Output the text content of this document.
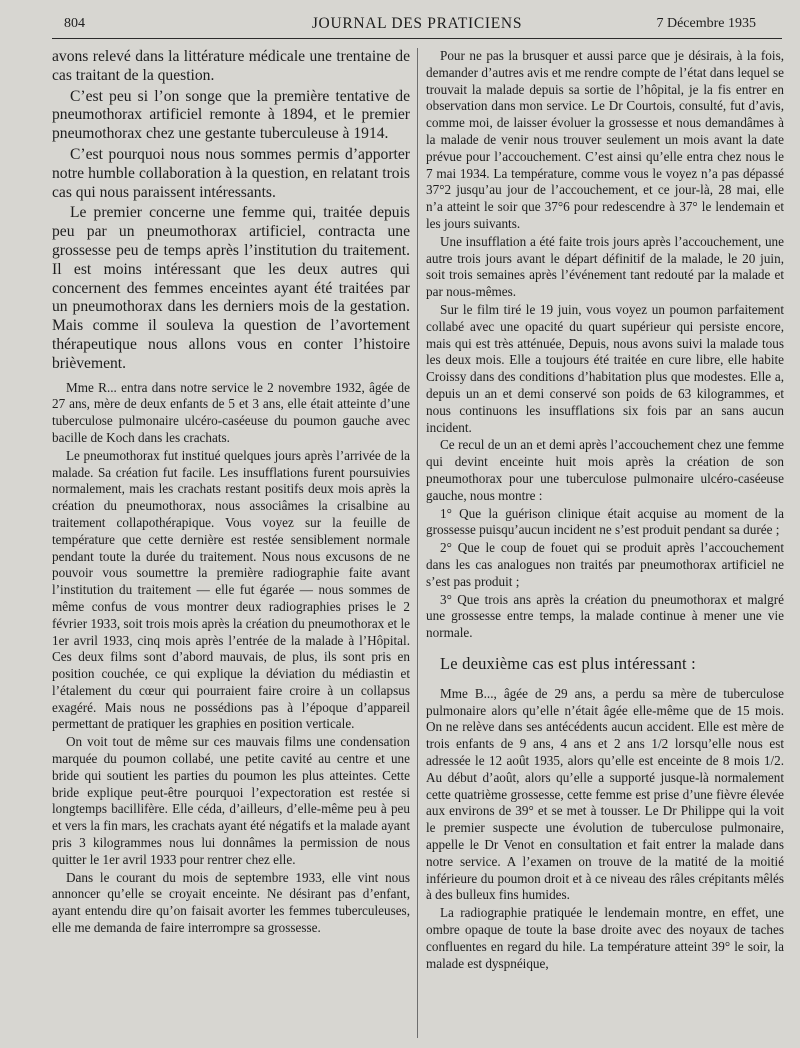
804	JOURNAL DES PRATICIENS	7 Décembre 1935

avons relevé dans la littérature médicale une trentaine de cas traitant de la question.

C’est peu si l’on songe que la première tentative de pneumothorax artificiel remonte à 1894, et le premier pneumothorax chez une gestante tuberculeuse à 1914.

C’est pourquoi nous nous sommes permis d’apporter notre humble collaboration à la question, en relatant trois cas qui nous paraissent intéressants.

Le premier concerne une femme qui, traitée depuis peu par un pneumothorax artificiel, contracta une grossesse peu de temps après l’institution du traitement. Il est moins intéressant que les deux autres qui concernent des femmes enceintes ayant été traitées par un pneumothorax dans les derniers mois de la gestation. Mais comme il souleva la question de l’avortement thérapeutique nous allons vous en conter l’histoire brièvement.

Mme R... entra dans notre service le 2 novembre 1932, âgée de 27 ans, mère de deux enfants de 5 et 3 ans, elle était atteinte d’une tuberculose pulmonaire ulcéro-caséeuse du poumon gauche avec bacille de Koch dans les crachats.

Le pneumothorax fut institué quelques jours après l’arrivée de la malade. Sa création fut facile. Les insufflations furent poursuivies normalement, mais les crachats restant positifs deux mois après la création du pneumothorax, nous associâmes la crisalbine au traitement collapothérapique. Vous voyez sur la feuille de température que cette dernière est restée sensiblement normale pendant toute la durée du traitement. Nous nous excusons de ne pouvoir vous soumettre la première radiographie faite avant l’institution du traitement — elle fut égarée — nous sommes de même confus de vous montrer deux radiographies prises le 2 février 1933, soit trois mois après la création du pneumothorax et le 1er avril 1933, cinq mois après l’entrée de la malade à l’Hôpital. Ces deux films sont d’abord mauvais, de plus, ils sont pris en position couchée, ce qui explique la déviation du médiastin et l’étalement du cœur qui pourraient faire croire à un collapsus exagéré. Mais nous ne possédions pas à l’époque d’appareil permettant de pratiquer les graphies en position verticale.

On voit tout de même sur ces mauvais films une condensation marquée du poumon collabé, une petite cavité au centre et une bride qui soutient les parties du poumon les plus atteintes. Cette bride explique peut-être pourquoi l’expectoration est restée si longtemps bacillifère. Elle céda, d’ailleurs, d’elle-même peu à peu et vers la fin mars, les crachats ayant été négatifs et la malade ayant pris 3 kilogrammes nous lui donnâmes la permission de nous quitter le 1er avril 1933 pour rentrer chez elle.

Dans le courant du mois de septembre 1933, elle vint nous annoncer qu’elle se croyait enceinte. Ne désirant pas d’enfant, ayant entendu dire qu’on faisait avorter les femmes tuberculeuses, elle me demanda de faire interrompre sa grossesse.

Pour ne pas la brusquer et aussi parce que je désirais, à la fois, demander d’autres avis et me rendre compte de l’état dans lequel se trouvait la malade depuis sa sortie de l’hôpital, je la fis entrer en observation dans mon service. Le Dr Courtois, consulté, fut d’avis, comme moi, de laisser évoluer la grossesse et nous demandâmes à la malade de venir nous trouver seulement un mois avant la date prévue pour l’accouchement. C’est ainsi qu’elle entra chez nous le 7 mai 1934. La température, comme vous le voyez n’a pas dépassé 37°2 jusqu’au jour de l’accouchement, et ce jour-là, 28 mai, elle n’a atteint le soir que 37°6 pour redescendre à 37° le lendemain et les jours suivants.

Une insufflation a été faite trois jours après l’accouchement, une autre trois jours avant le départ définitif de la malade, le 20 juin, soit trois semaines après l’événement tant redouté par la malade et par nous-mêmes.

Sur le film tiré le 19 juin, vous voyez un poumon parfaitement collabé avec une opacité du quart supérieur qui persiste encore, mais qui est très atténuée, Depuis, nous avons suivi la malade tous les deux mois. Elle a toujours été traitée en cure libre, elle habite Croissy dans des conditions d’habitation plus que modestes. Elle a, depuis un an et demi conservé son poids de 63 kilogrammes, et nous continuons les insufflations six fois par an sans aucun incident.

Ce recul de un an et demi après l’accouchement chez une femme qui devint enceinte huit mois après la création de son pneumothorax pour une tuberculose pulmonaire ulcéro-caséeuse gauche, nous montre :

1° Que la guérison clinique était acquise au moment de la grossesse puisqu’aucun incident ne s’est produit pendant sa durée ;

2° Que le coup de fouet qui se produit après l’accouchement dans les cas analogues non traités par pneumothorax artificiel ne s’est pas produit ;

3° Que trois ans après la création du pneumothorax et malgré une grossesse entre temps, la malade continue à mener une vie normale.

Le deuxième cas est plus intéressant :

Mme B..., âgée de 29 ans, a perdu sa mère de tuberculose pulmonaire alors qu’elle n’était âgée elle-même que de 15 mois. On ne relève dans ses antécédents aucun accident. Elle est mère de trois enfants de 9 ans, 4 ans et 2 ans 1/2 lorsqu’elle nous est adressée le 12 août 1935, alors qu’elle est enceinte de 8 mois 1/2. Au début d’août, alors qu’elle a supporté jusque-là normalement cette quatrième grossesse, cette femme est prise d’une fièvre élevée aux environs de 39° et se met à tousser. Le Dr Philippe qui la voit le premier suspecte une évolution de tuberculose pulmonaire, appelle le Dr Venot en consultation et fait entrer la malade dans notre service. A l’examen on trouve de la matité de la moitié inférieure du poumon droit et à ce niveau des râles crépitants mêlés à des bulleux fins humides.

La radiographie pratiquée le lendemain montre, en effet, une ombre opaque de toute la base droite avec des noyaux de taches confluentes en regard du hile. La température atteint 39° le soir, la malade est dyspnéique,
